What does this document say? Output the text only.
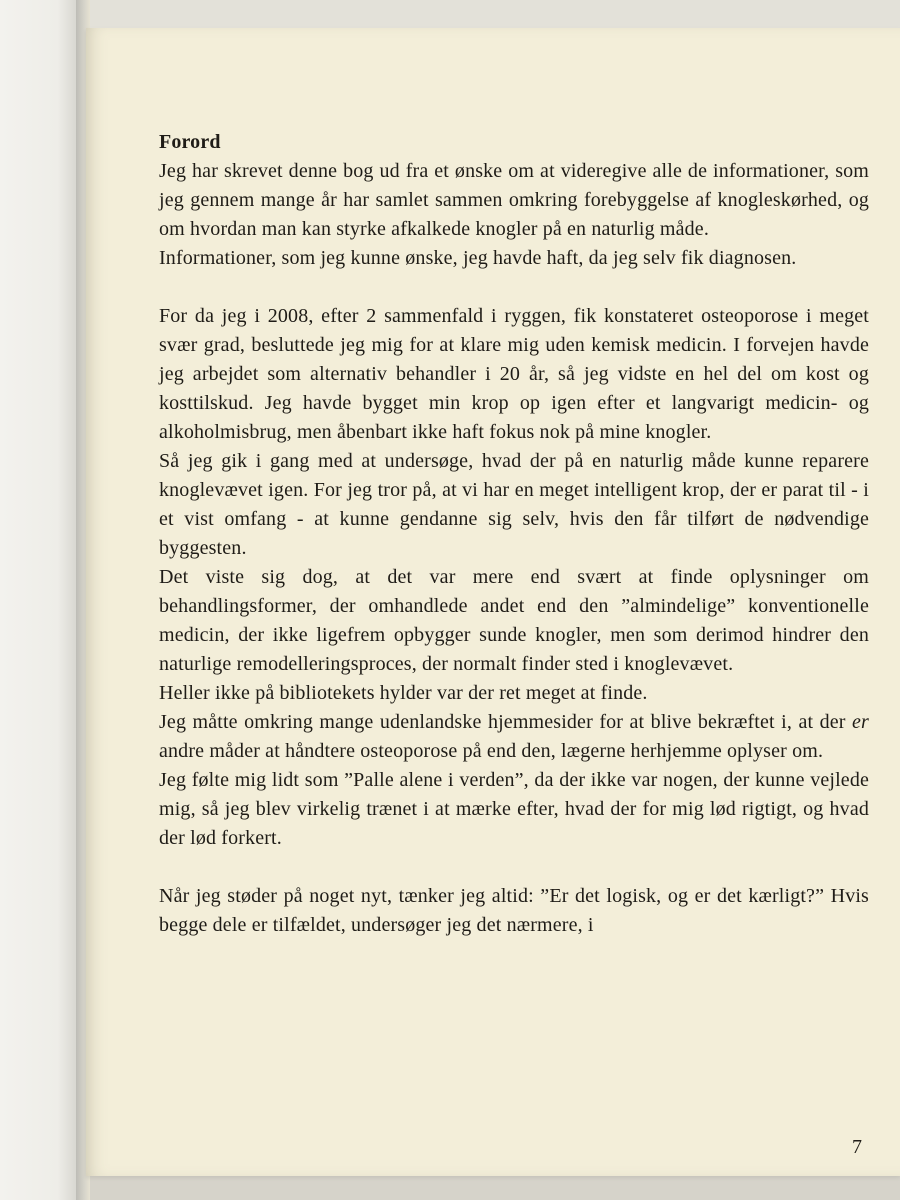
Forord

Jeg har skrevet denne bog ud fra et ønske om at videregive alle de informationer, som jeg gennem mange år har samlet sammen omkring forebyggelse af knogleskørhed, og om hvordan man kan styrke afkalkede knogler på en naturlig måde.

Informationer, som jeg kunne ønske, jeg havde haft, da jeg selv fik diagnosen.

For da jeg i 2008, efter 2 sammenfald i ryggen, fik konstateret osteoporose i meget svær grad, besluttede jeg mig for at klare mig uden kemisk medicin. I forvejen havde jeg arbejdet som alternativ behandler i 20 år, så jeg vidste en hel del om kost og kosttilskud. Jeg havde bygget min krop op igen efter et langvarigt medicin- og alkoholmisbrug, men åbenbart ikke haft fokus nok på mine knogler.

Så jeg gik i gang med at undersøge, hvad der på en naturlig måde kunne reparere knoglevævet igen. For jeg tror på, at vi har en meget intelligent krop, der er parat til - i et vist omfang - at kunne gendanne sig selv, hvis den får tilført de nødvendige byggesten.

Det viste sig dog, at det var mere end svært at finde oplysninger om behandlingsformer, der omhandlede andet end den ”almindelige” konventionelle medicin, der ikke ligefrem opbygger sunde knogler, men som derimod hindrer den naturlige remodelleringsproces, der normalt finder sted i knoglevævet.

Heller ikke på bibliotekets hylder var der ret meget at finde.

Jeg måtte omkring mange udenlandske hjemmesider for at blive bekræftet i, at der er andre måder at håndtere osteoporose på end den, lægerne herhjemme oplyser om.

Jeg følte mig lidt som ”Palle alene i verden”, da der ikke var nogen, der kunne vejlede mig, så jeg blev virkelig trænet i at mærke efter, hvad der for mig lød rigtigt, og hvad der lød forkert.

Når jeg støder på noget nyt, tænker jeg altid: ”Er det logisk, og er det kærligt?” Hvis begge dele er tilfældet, undersøger jeg det nærmere, i

7
